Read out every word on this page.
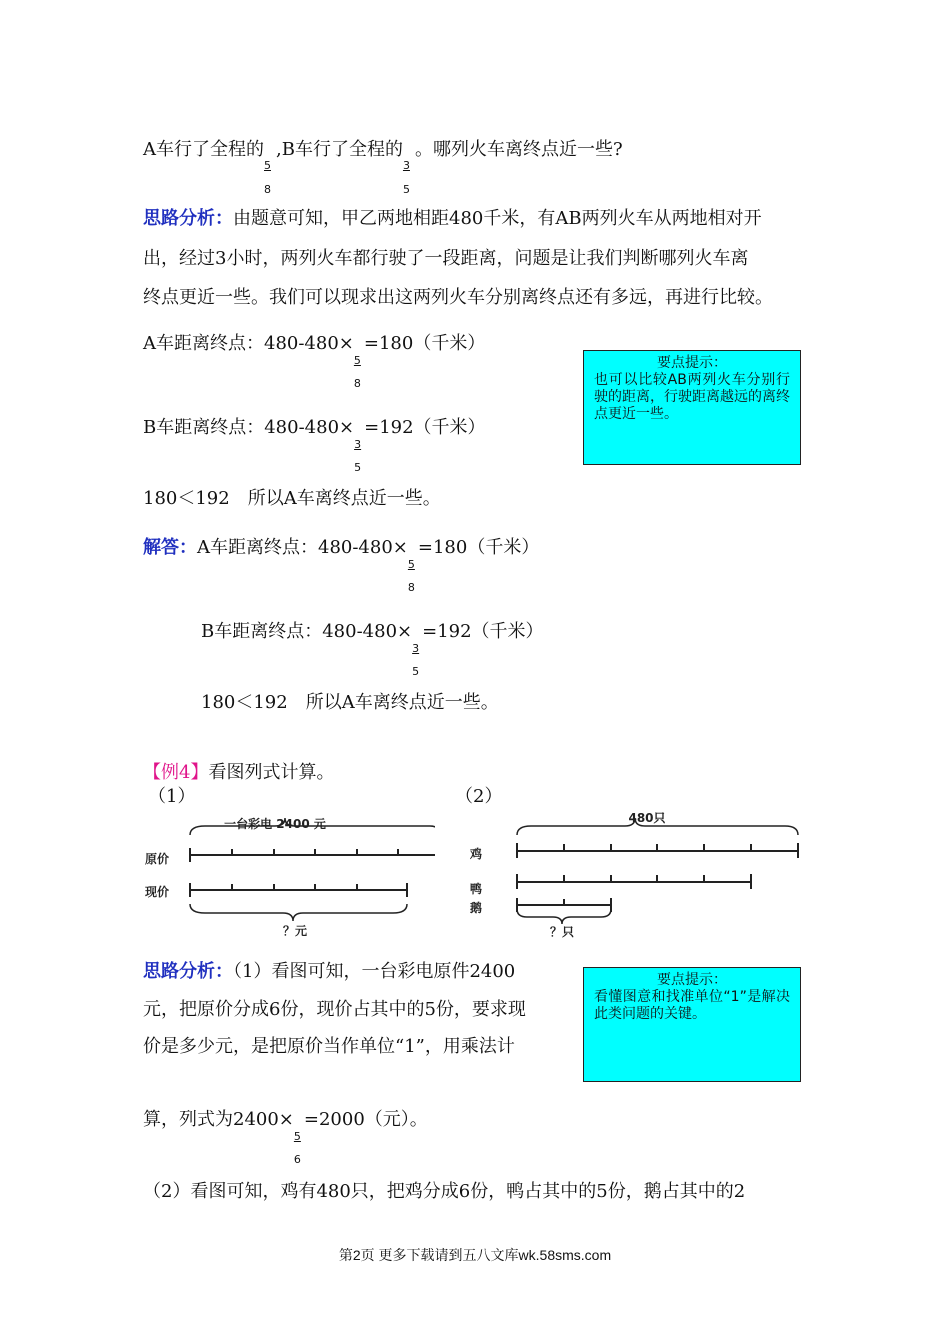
A车行了全程的
$\frac{5}{8}$
,B车行了全程的
$\frac{3}{5}$
。哪列火车离终点近一些?
思路分析：由题意可知，甲乙两地相距480千米，有AB两列火车从两地相对开
出，经过3小时，两列火车都行驶了一段距离，问题是让我们判断哪列火车离
终点更近一些。我们可以现求出这两列火车分别离终点还有多远，再进行比较。
A车距离终点：480-480×
$\frac{5}{8}$
=180（千米）
B车距离终点：480-480×
$\frac{3}{5}$
=192（千米）
180＜192　所以A车离终点近一些。
要点提示：
也可以比较AB两列火车分别行驶的距离，行驶距离越远的离终点更近一些。
解答：A车距离终点：480-480×
$\frac{5}{8}$
=180（千米）
B车距离终点：480-480×
$\frac{3}{5}$
=192（千米）
180＜192　所以A车离终点近一些。
【例4】看图列式计算。
（1）	（2）
一台彩电 2400 元
原价
现价
？元
480只
鸡
鸭
鹅
？只
思路分析：（1）看图可知，一台彩电原件2400
元，把原价分成6份，现价占其中的5份，要求现
价是多少元，是把原价当作单位“1”，用乘法计
算，列式为2400×
$\frac{5}{6}$
=2000（元）。
（2）看图可知，鸡有480只，把鸡分成6份，鸭占其中的5份，鹅占其中的2
要点提示：
看懂图意和找准单位“1”是解决此类问题的关键。
第2页 更多下载请到五八文库wk.58sms.com
